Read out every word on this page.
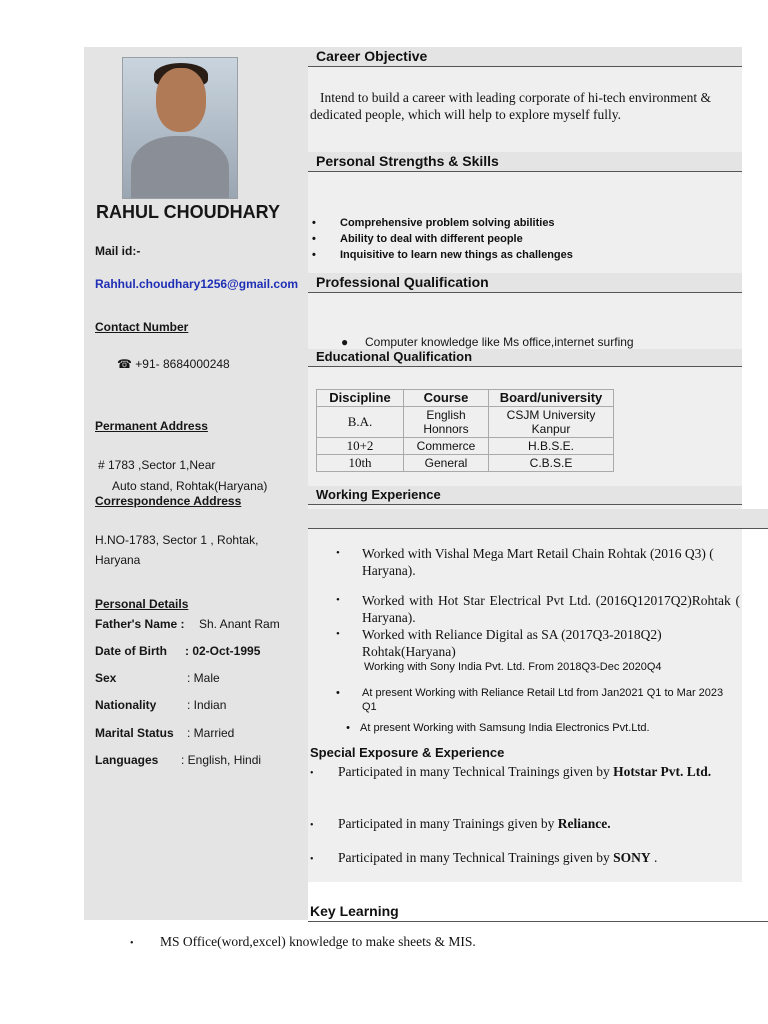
RAHUL CHOUDHARY
Mail id:-
Rahhul.choudhary1256@gmail.com
Contact Number
☎ +91- 8684000248
Permanent Address
# 1783 ,Sector 1,Near
Auto stand, Rohtak(Haryana)
Correspondence Address
H.NO-1783, Sector 1 , Rohtak,
Haryana
Personal Details
Father's Name : Sh. Anant Ram
Date of Birth : 02-Oct-1995
Sex	: Male
Nationality	: Indian
Marital Status : Married
Languages : English, Hindi
Career Objective
Intend to build a career with leading corporate of hi-tech environment & dedicated people, which will help to explore myself fully.
Personal Strengths & Skills
• Comprehensive problem solving abilities
• Ability to deal with different people
• Inquisitive to learn new things as challenges
Professional Qualification
● Computer knowledge like Ms office,internet surfing
Educational Qualification
Discipline	Course	Board/university
B.A.	English Honnors	CSJM University Kanpur
10+2	Commerce	H.B.S.E.
10th	General	C.B.S.E
Working Experience
•	Worked with Vishal Mega Mart Retail Chain Rohtak (2016 Q3) ( Haryana).
•	Worked with Hot Star Electrical Pvt Ltd. (2016Q12017Q2)Rohtak ( Haryana).
•	Worked with Reliance Digital as SA (2017Q3-2018Q2) Rohtak(Haryana)
Working with Sony India Pvt. Ltd. From 2018Q3-Dec 2020Q4
•	At present Working with Reliance Retail Ltd from Jan2021 Q1 to Mar 2023 Q1
• At present Working with Samsung India Electronics Pvt.Ltd.
Special Exposure & Experience
• Participated in many Technical Trainings given by Hotstar Pvt. Ltd.
• Participated in many Trainings given by Reliance.
• Participated in many Technical Trainings given by SONY .
Key Learning
• MS Office(word,excel) knowledge to make sheets & MIS.
